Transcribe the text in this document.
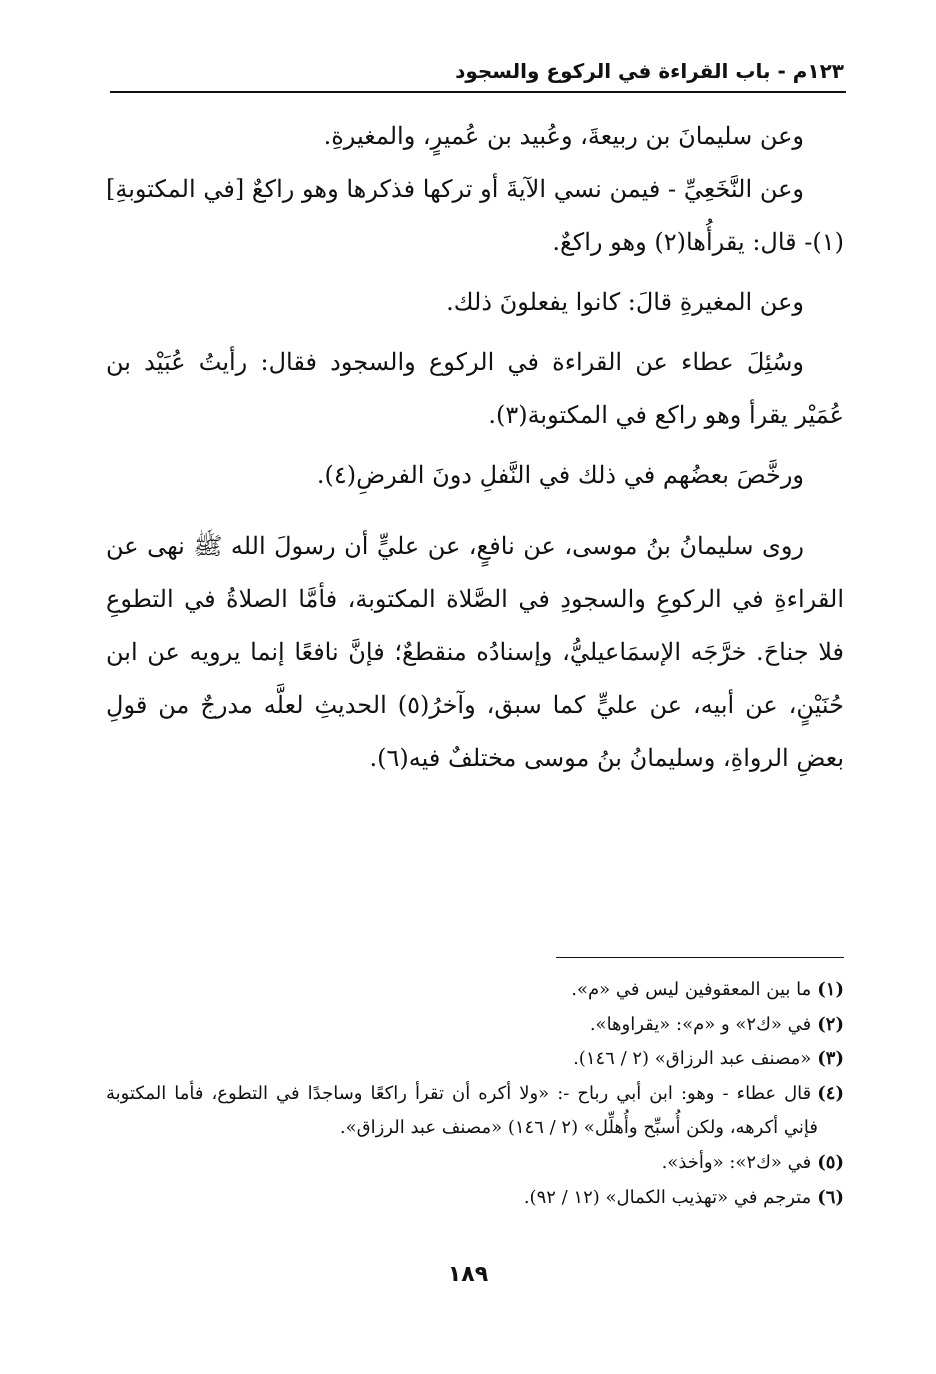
١٢٣م - باب القراءة في الركوع والسجود

وعن سليمانَ بن ربيعةَ، وعُبيد بن عُميرٍ، والمغيرةِ.

وعن النَّخَعِيِّ - فيمن نسي الآيةَ أو تركها فذكرها وهو راكعٌ [في المكتوبةِ] (١)- قال: يقرأُها(٢) وهو راكعٌ.

وعن المغيرةِ قالَ: كانوا يفعلونَ ذلك.

وسُئِلَ عطاء عن القراءة في الركوع والسجود فقال: رأيتُ عُبَيْد بن عُمَيْر يقرأ وهو راكع في المكتوبة(٣).

ورخَّصَ بعضُهم في ذلك في النَّفلِ دونَ الفرضِ(٤).

روى سليمانُ بنُ موسى، عن نافعٍ، عن عليٍّ أن رسولَ الله ﷺ نهى عن القراءةِ في الركوعِ والسجودِ في الصَّلاة المكتوبة، فأمَّا الصلاةُ في التطوعِ فلا جناحَ. خرَّجَه الإسمَاعيليُّ، وإسنادُه منقطعٌ؛ فإنَّ نافعًا إنما يرويه عن ابن حُنَيْنٍ، عن أبيه، عن عليٍّ كما سبق، وآخرُ(٥) الحديثِ لعلَّه مدرجٌ من قولِ بعضِ الرواةِ، وسليمانُ بنُ موسى مختلفٌ فيه(٦).

(١)ما بين المعقوفين ليس في «م».
(٢)في «ك٢» و «م»: «يقراوها».
(٣)«مصنف عبد الرزاق» (٢ / ١٤٦).
(٤)قال عطاء - وهو: ابن أبي رباح -: «ولا أكره أن تقرأ راكعًا وساجدًا في التطوع، فأما المكتوبة فإني أكرهه، ولكن أُسبِّح وأُهلِّل» (٢ / ١٤٦) «مصنف عبد الرزاق».
(٥)في «ك٢»: «وأخذ».
(٦)مترجم في «تهذيب الكمال» (١٢ / ٩٢).
١٨٩
